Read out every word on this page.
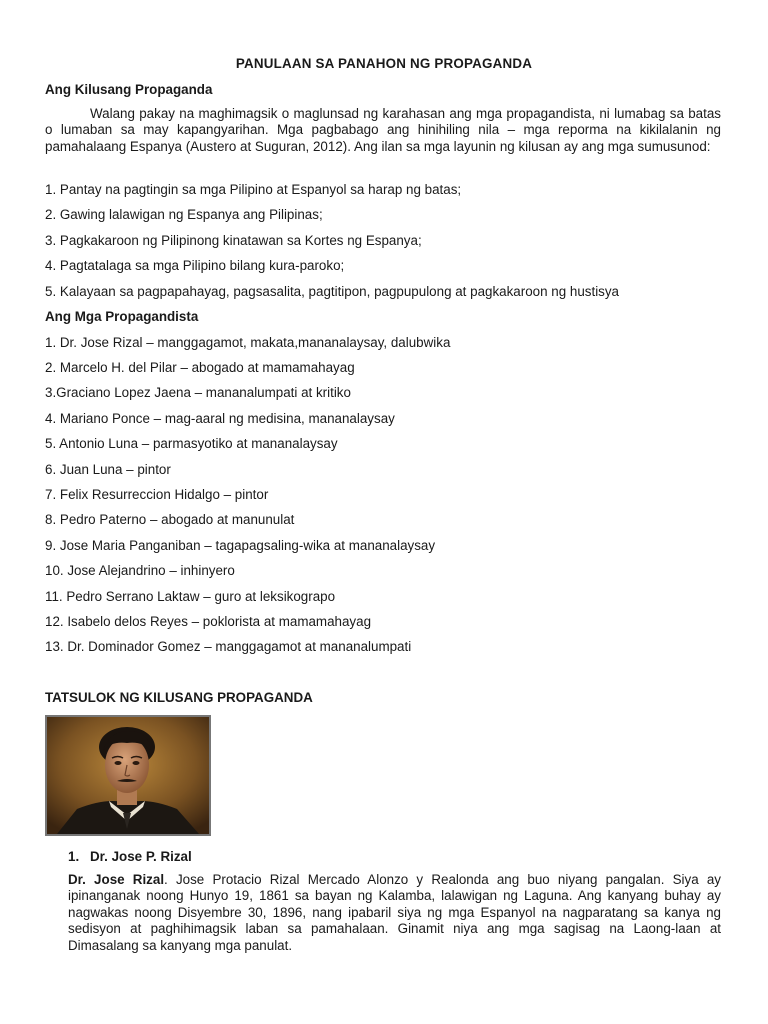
PANULAAN SA PANAHON NG PROPAGANDA
Ang Kilusang Propaganda
Walang pakay na maghimagsik o maglunsad ng karahasan ang mga propagandista, ni lumabag sa batas o lumaban sa may kapangyarihan. Mga pagbabago ang hinihiling nila – mga reporma na kikilalanin ng pamahalaang Espanya (Austero at Suguran, 2012). Ang ilan sa mga layunin ng kilusan ay ang mga sumusunod:
1. Pantay na pagtingin sa mga Pilipino at Espanyol sa harap ng batas;
2. Gawing lalawigan ng Espanya ang Pilipinas;
3. Pagkakaroon ng Pilipinong kinatawan sa Kortes ng Espanya;
4. Pagtatalaga sa mga Pilipino bilang kura-paroko;
5. Kalayaan sa pagpapahayag, pagsasalita, pagtitipon, pagpupulong at pagkakaroon ng hustisya
Ang Mga Propagandista
1. Dr. Jose Rizal – manggagamot, makata,mananalaysay, dalubwika
2. Marcelo H. del Pilar – abogado at mamamahayag
3.Graciano Lopez Jaena – mananalumpati at kritiko
4. Mariano Ponce – mag-aaral ng medisina, mananalaysay
5. Antonio Luna – parmasyotiko at mananalaysay
6. Juan Luna – pintor
7. Felix Resurreccion Hidalgo – pintor
8. Pedro Paterno – abogado at manunulat
9. Jose Maria Panganiban – tagapagsaling-wika at mananalaysay
10. Jose Alejandrino – inhinyero
11. Pedro Serrano Laktaw – guro at leksikograpo
12. Isabelo delos Reyes – poklorista at mamamahayag
13. Dr. Dominador Gomez – manggagamot at mananalumpati
TATSULOK NG KILUSANG PROPAGANDA
1. Dr. Jose P. Rizal
Dr. Jose Rizal. Jose Protacio Rizal Mercado Alonzo y Realonda ang buo niyang pangalan. Siya ay ipinanganak noong Hunyo 19, 1861 sa bayan ng Kalamba, lalawigan ng Laguna. Ang kanyang buhay ay nagwakas noong Disyembre 30, 1896, nang ipabaril siya ng mga Espanyol na nagparatang sa kanya ng sedisyon at paghihimagsik laban sa pamahalaan. Ginamit niya ang mga sagisag na Laong-laan at Dimasalang sa kanyang mga panulat.
